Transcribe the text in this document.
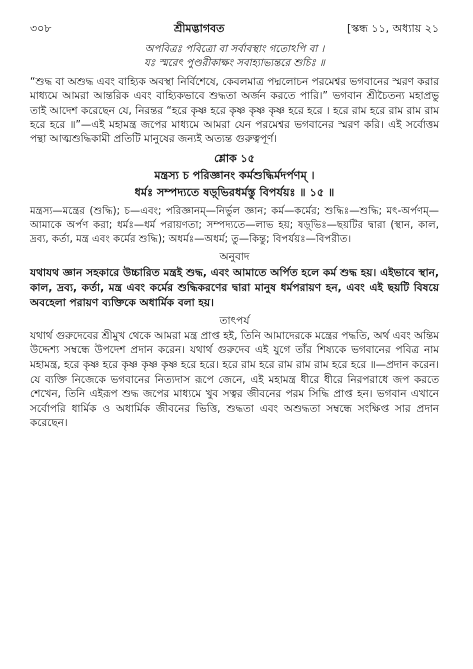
৩০৮	শ্রীমদ্ভাগবত	[স্কন্ধ ১১, অধ্যায় ২১
অপবিত্রঃ পবিত্রো বা সর্বাবস্থাং গতোঽপি বা ।
যঃ স্মরেৎ পুণ্ডরীকাক্ষং সবাহ্যাভ্যন্তরে শুচিঃ ॥

“শুদ্ধ বা অশুদ্ধ এবং বাহ্যিক অবস্থা নির্বিশেষে, কেবলমাত্র পদ্মলোচন পরমেশ্বর ভগবানের স্মরণ করার মাধ্যমে আমরা আন্তরিক এবং বাহ্যিকভাবে শুদ্ধতা অর্জন করতে পারি।” ভগবান শ্রীচৈতন্য মহাপ্রভু তাই আদেশ করেছেন যে, নিরন্তর “হরে কৃষ্ণ হরে কৃষ্ণ কৃষ্ণ কৃষ্ণ হরে হরে । হরে রাম হরে রাম রাম রাম হরে হরে ॥”—এই মহামন্ত্র জপের মাধ্যমে আমরা যেন পরমেশ্বর ভগবানের স্মরণ করি। এই সর্বোত্তম পন্থা আত্মশুদ্ধিকামী প্রতিটি মানুষের জন্যই অত্যন্ত গুরুত্বপূর্ণ।

শ্লোক ১৫
মন্ত্রস্য চ পরিজ্ঞানং কর্মশুদ্ধির্মদর্পণম্ ।
ধর্মঃ সম্পদ্যতে ষড়্‌ভিরধর্মস্তু বিপর্যয়ঃ ॥ ১৫ ॥

মন্ত্রস্য—মন্ত্রের (শুদ্ধি); চ—এবং; পরিজ্ঞানম্—নির্ভুল জ্ঞান; কর্ম—কর্মের; শুদ্ধিঃ—শুদ্ধি; মৎ-অর্পণম্—আমাকে অর্পণ করা; ধর্মঃ—ধর্ম পরায়ণতা; সম্পদ্যতে—লাভ হয়; ষড়্‌ভিঃ—ছয়টির দ্বারা (স্থান, কাল, দ্রব্য, কর্তা, মন্ত্র এবং কর্মের শুদ্ধি); অধর্মঃ—অধর্ম; তু—কিন্তু; বিপর্যয়ঃ—বিপরীত।

অনুবাদ

যথাযথ জ্ঞান সহকারে উচ্চারিত মন্ত্রই শুদ্ধ, এবং আমাতে অর্পিত হলে কর্ম শুদ্ধ হয়। এইভাবে স্থান, কাল, দ্রব্য, কর্তা, মন্ত্র এবং কর্মের শুদ্ধিকরণের দ্বারা মানুষ ধর্মপরায়ণ হন, এবং এই ছয়টি বিষয়ে অবহেলা পরায়ণ ব্যক্তিকে অধার্মিক বলা হয়।

তাৎপর্য

যথার্থ গুরুদেবের শ্রীমুখ থেকে আমরা মন্ত্র প্রাপ্ত হই, তিনি আমাদেরকে মন্ত্রের পদ্ধতি, অর্থ এবং অন্তিম উদ্দেশ্য সম্বন্ধে উপদেশ প্রদান করেন। যথার্থ গুরুদেব এই যুগে তাঁর শিষ্যকে ভগবানের পবিত্র নাম মহামন্ত্র, হরে কৃষ্ণ হরে কৃষ্ণ কৃষ্ণ কৃষ্ণ হরে হরে। হরে রাম হরে রাম রাম রাম হরে হরে ॥—প্রদান করেন। যে ব্যক্তি নিজেকে ভগবানের নিত্যদাস রূপে জেনে, এই মহামন্ত্র ধীরে ধীরে নিরপরাধে জপ করতে শেখেন, তিনি এইরূপ শুদ্ধ জপের মাধ্যমে খুব সত্বর জীবনের পরম সিদ্ধি প্রাপ্ত হন। ভগবান এখানে সর্বোপরি ধার্মিক ও অধার্মিক জীবনের ভিত্তি, শুদ্ধতা এবং অশুদ্ধতা সম্বন্ধে সংক্ষিপ্ত সার প্রদান করেছেন।
